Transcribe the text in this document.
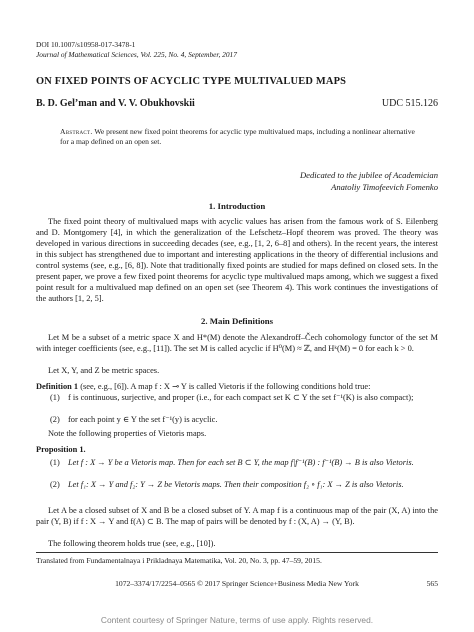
DOI 10.1007/s10958-017-3478-1
Journal of Mathematical Sciences, Vol. 225, No. 4, September, 2017
ON FIXED POINTS OF ACYCLIC TYPE MULTIVALUED MAPS
B. D. Gel’man and V. V. Obukhovskii	UDC 515.126
Abstract. We present new fixed point theorems for acyclic type multivalued maps, including a nonlinear alternative for a map defined on an open set.
Dedicated to the jubilee of Academician
Anatoliy Timofeevich Fomenko
1. Introduction
The fixed point theory of multivalued maps with acyclic values has arisen from the famous work of S. Eilenberg and D. Montgomery [4], in which the generalization of the Lefschetz–Hopf theorem was proved. The theory was developed in various directions in succeeding decades (see, e.g., [1, 2, 6–8] and others). In the recent years, the interest in this subject has strengthened due to important and interesting applications in the theory of differential inclusions and control systems (see, e.g., [6, 8]). Note that traditionally fixed points are studied for maps defined on closed sets. In the present paper, we prove a few fixed point theorems for acyclic type multivalued maps among, which we suggest a fixed point result for a multivalued map defined on an open set (see Theorem 4). This work continues the investigations of the authors [1, 2, 5].
2. Main Definitions
Let M be a subset of a metric space X and H*(M) denote the Alexandroff–Čech cohomology functor of the set M with integer coefficients (see, e.g., [11]). The set M is called acyclic if H⁰(M) ≈ ℤ, and Hᵏ(M) = 0 for each k > 0.
Let X, Y, and Z be metric spaces.
Definition 1 (see, e.g., [6]). A map f : X ⊸ Y is called Vietoris if the following conditions hold true:
(1) f is continuous, surjective, and proper (i.e., for each compact set K ⊂ Y the set f⁻¹(K) is also compact);
(2) for each point y ∈ Y the set f⁻¹(y) is acyclic.
Note the following properties of Vietoris maps.
Proposition 1.
(1) Let f : X → Y be a Vietoris map. Then for each set B ⊂ Y, the map f|f⁻¹(B) : f⁻¹(B) → B is also Vietoris.
(2) Let f₁: X → Y and f₂: Y → Z be Vietoris maps. Then their composition f₂ ∘ f₁: X → Z is also Vietoris.
Let A be a closed subset of X and B be a closed subset of Y. A map f is a continuous map of the pair (X, A) into the pair (Y, B) if f : X → Y and f(A) ⊂ B. The map of pairs will be denoted by f : (X, A) → (Y, B).
The following theorem holds true (see, e.g., [10]).
Translated from Fundamentalnaya i Prikladnaya Matematika, Vol. 20, No. 3, pp. 47–59, 2015.
1072–3374/17/2254–0565 © 2017 Springer Science+Business Media New York	565
Content courtesy of Springer Nature, terms of use apply. Rights reserved.
